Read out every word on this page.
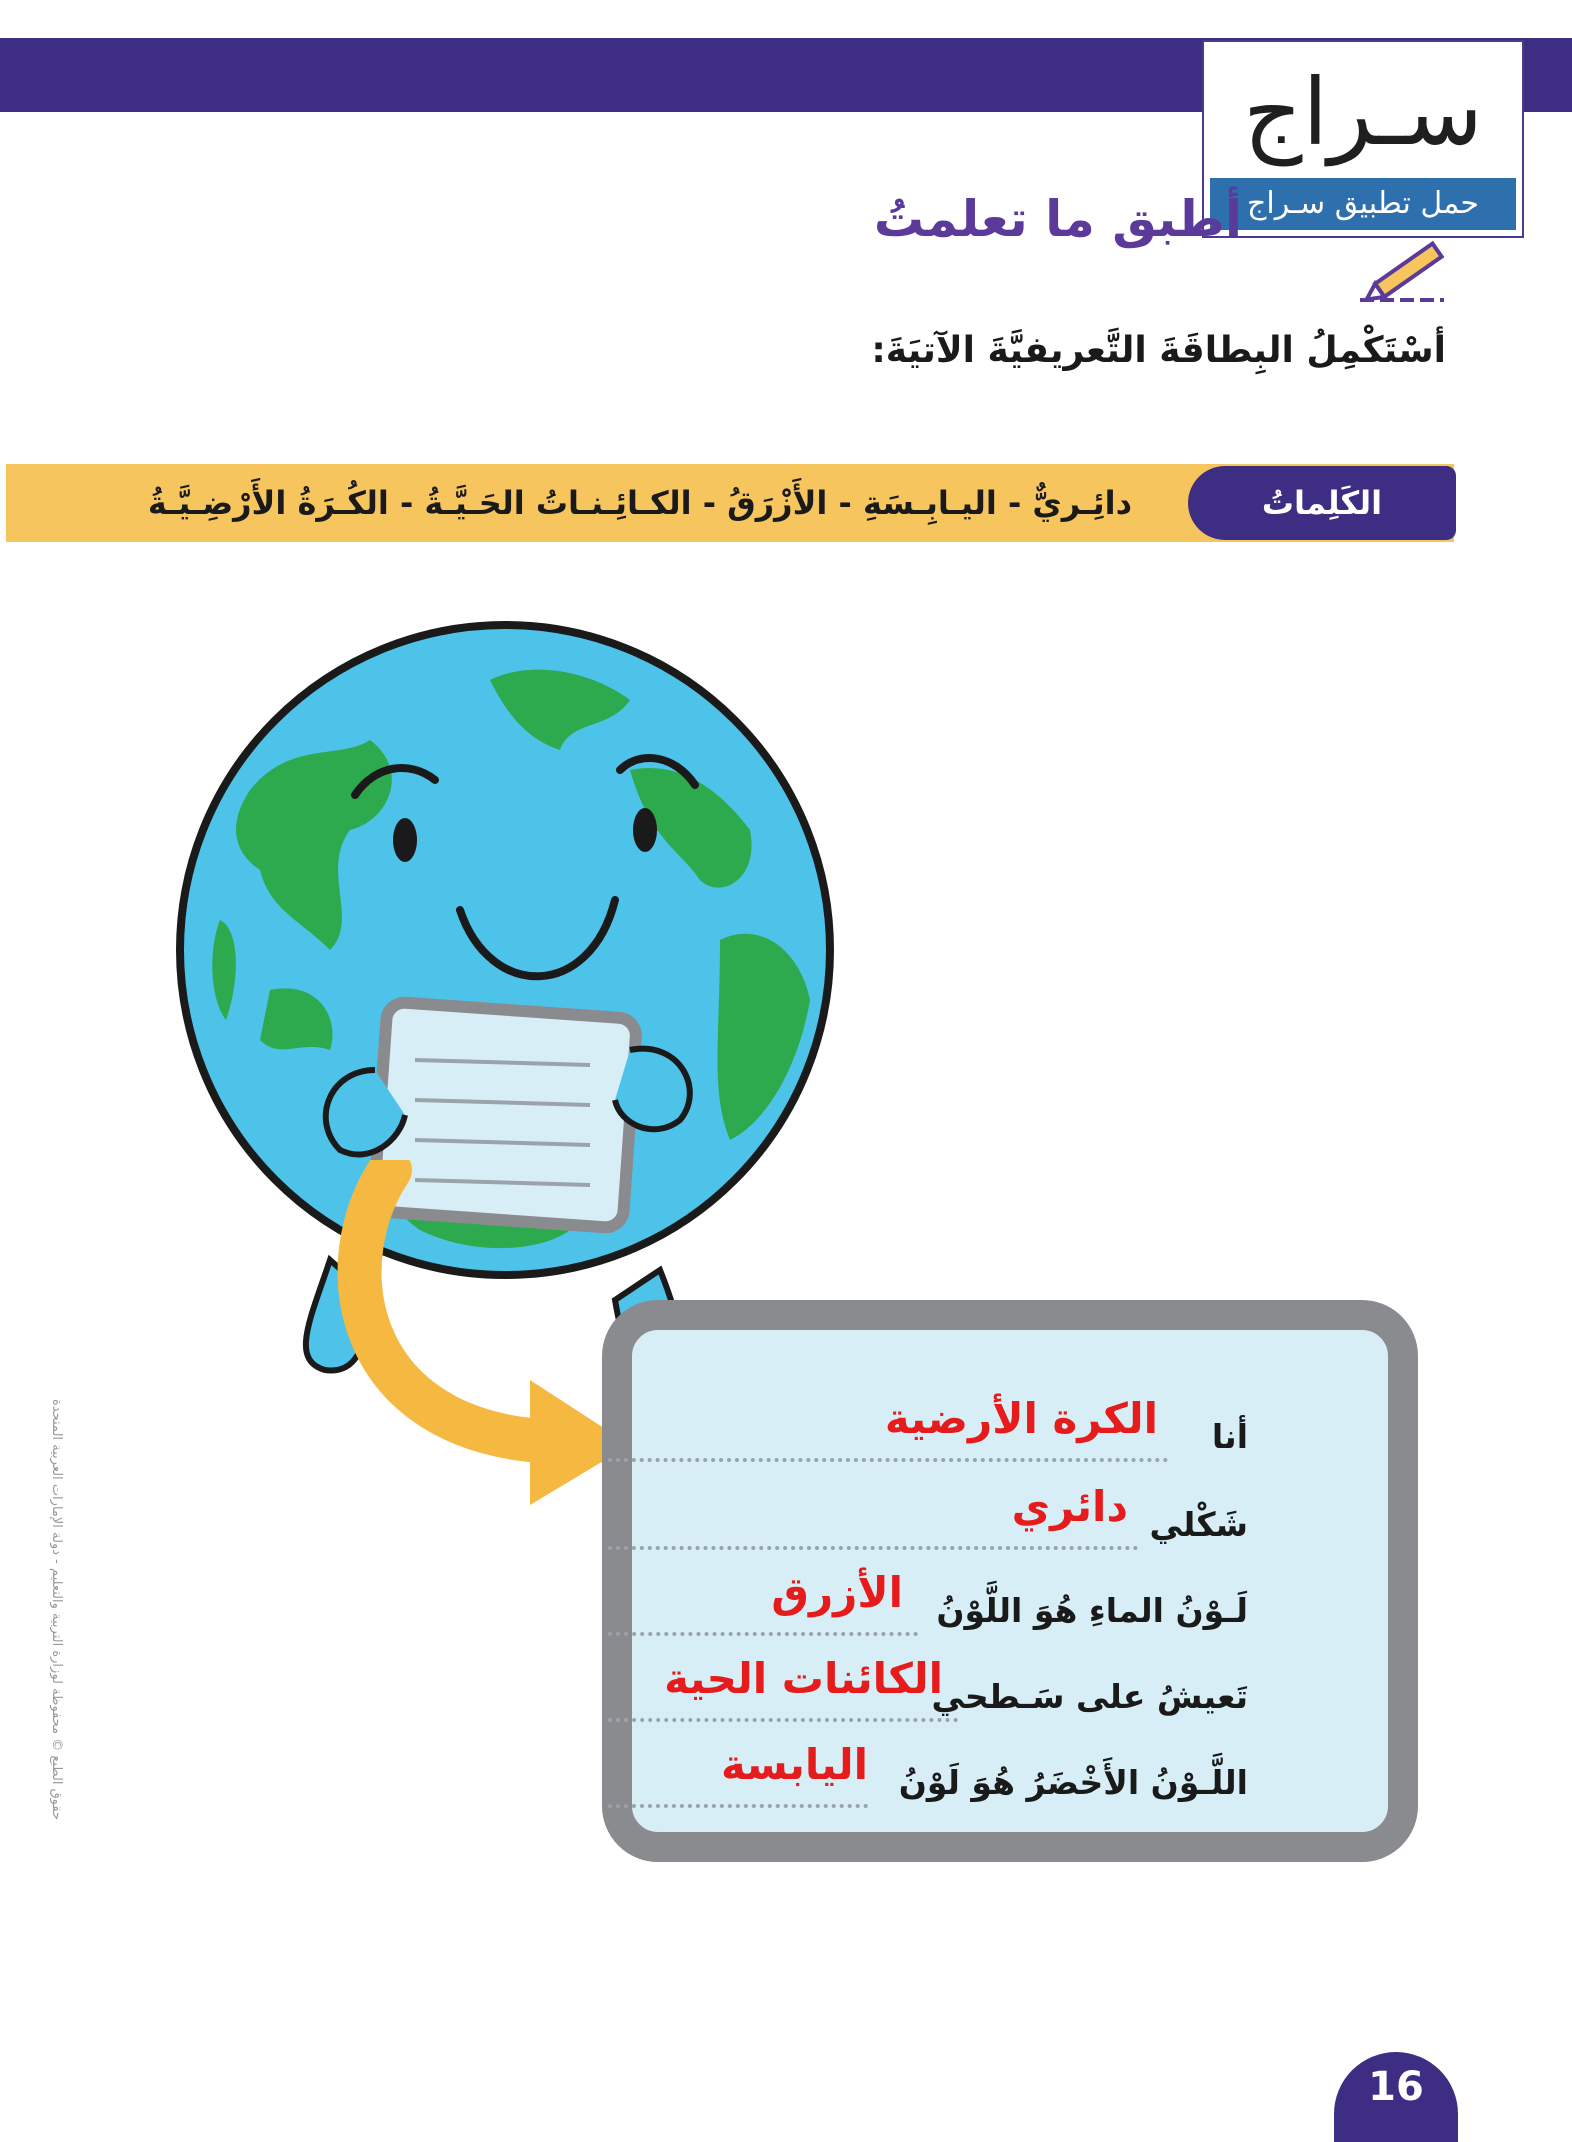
سـراج
حمل تطبيق سـراج
أطبق ما تعلمتُ
أسْتَكْمِلُ البِطاقَةَ التَّعريفيَّةَ الآتيَةَ:
الكَلِماتُ المُساعِدَةُ
دائِـريٌّ - اليـابِـسَةِ - الأَزْرَقُ - الكـائِـنـاتُ الحَـيَّـةُ - الكُـرَةُ الأَرْضِـيَّـةُ
أنا
الكرة الأرضية
شَكْلي
دائري
لَـوْنُ الماءِ هُوَ اللَّوْنُ
الأزرق
تَعيشُ على سَـطحي
الكائنات الحية
اللَّـوْنُ الأَخْضَرُ هُوَ لَوْنُ
اليابسة
حقوق الطبع © محفوظة لوزارة التربية والتعليم - دولة الإمارات العربية المتحدة
16
